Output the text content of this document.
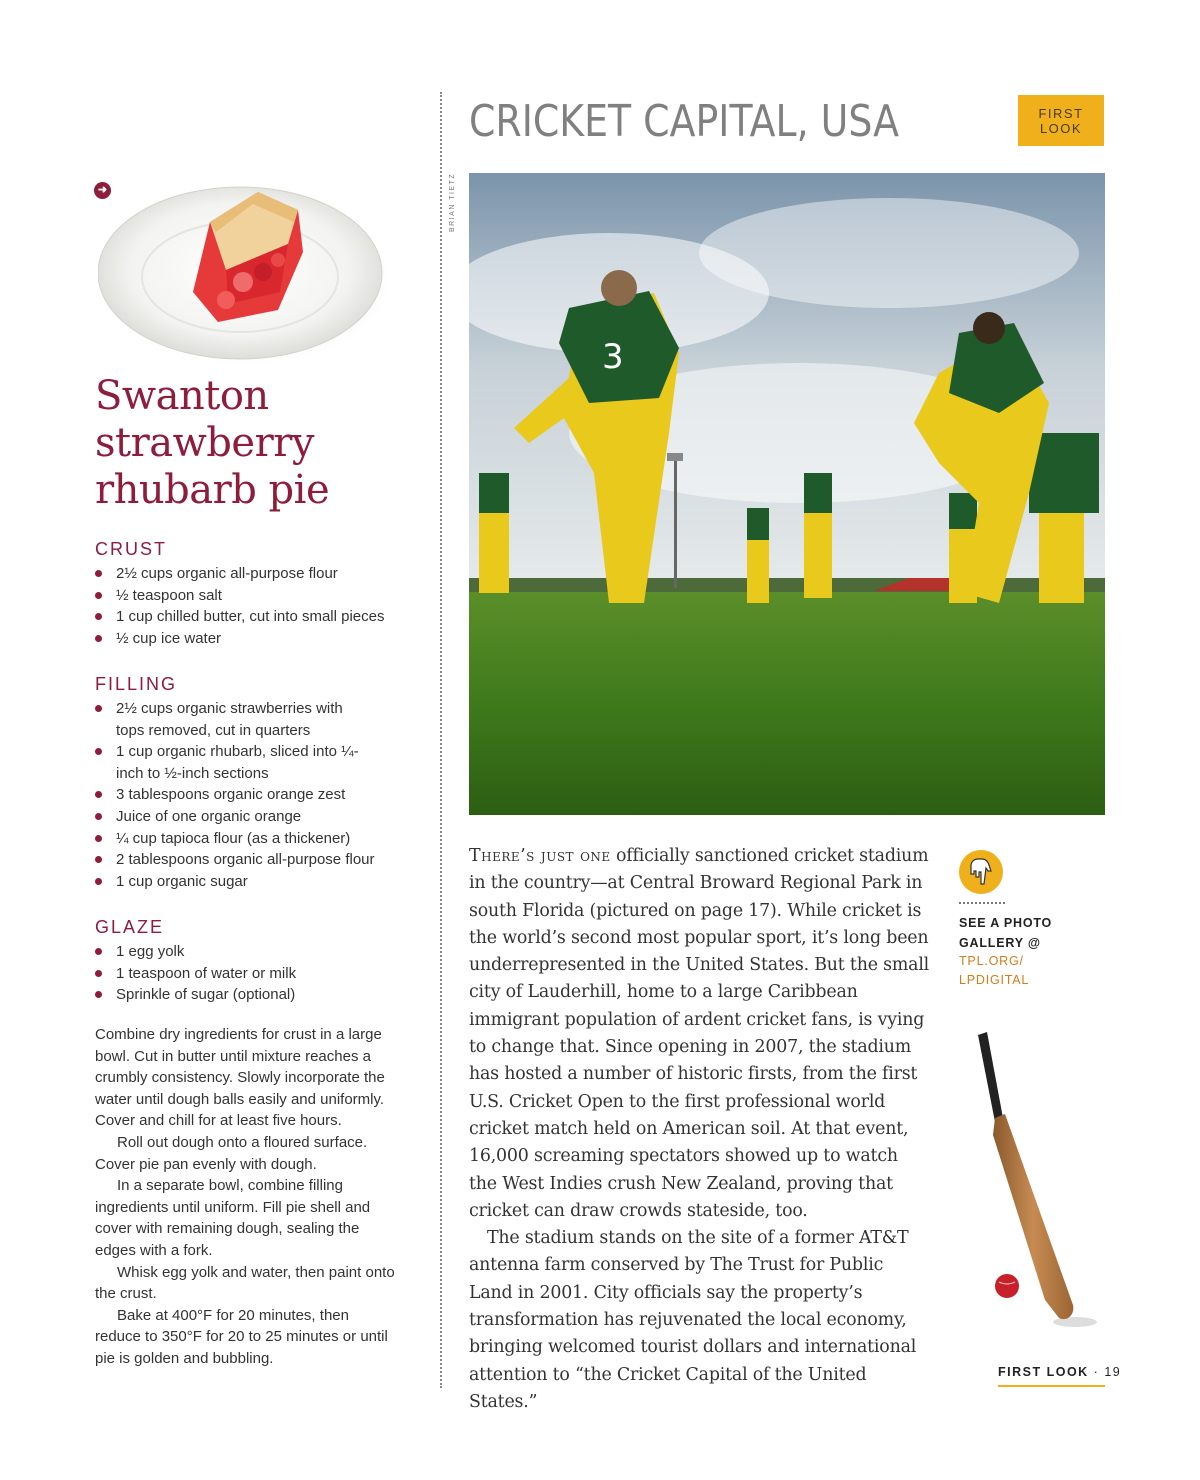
➜
Swanton
strawberry
rhubarb pie
CRUST
2½ cups organic all-purpose flour
½ teaspoon salt
1 cup chilled butter, cut into small pieces
½ cup ice water
FILLING
2½ cups organic strawberries with tops removed, cut in quarters
1 cup organic rhubarb, sliced into ¼-inch to ½-inch sections
3 tablespoons organic orange zest
Juice of one organic orange
¼ cup tapioca flour (as a thickener)
2 tablespoons organic all-purpose flour
1 cup organic sugar
GLAZE
1 egg yolk
1 teaspoon of water or milk
Sprinkle of sugar (optional)

Combine dry ingredients for crust in a large bowl. Cut in butter until mixture reaches a crumbly consistency. Slowly incorporate the water until dough balls easily and uniformly. Cover and chill for at least five hours.

Roll out dough onto a floured surface. Cover pie pan evenly with dough.

In a separate bowl, combine filling ingredients until uniform. Fill pie shell and cover with remaining dough, sealing the edges with a fork.

Whisk egg yolk and water, then paint onto the crust.

Bake at 400°F for 20 minutes, then reduce to 350°F for 20 to 25 minutes or until pie is golden and bubbling.

CRICKET CAPITAL, USA	FIRST
LOOK
BRIAN TIETZ
3

There’s just one officially sanctioned cricket stadium in the country—at Central Broward Regional Park in south Florida (pictured on page 17). While cricket is the world’s second most popular sport, it’s long been underrepresented in the United States. But the small city of Lauderhill, home to a large Caribbean immigrant population of ardent cricket fans, is vying to change that. Since opening in 2007, the stadium has hosted a number of historic firsts, from the first U.S. Cricket Open to the first professional world cricket match held on American soil. At that event, 16,000 screaming spectators showed up to watch the West Indies crush New Zealand, proving that cricket can draw crowds stateside, too.

The stadium stands on the site of a former AT&T antenna farm conserved by The Trust for Public Land in 2001. City officials say the property’s transformation has rejuvenated the local economy, bringing welcomed tourist dollars and international attention to “the Cricket Capital of the United States.”

SEE A PHOTO
GALLERY @
TPL.ORG/
LPDIGITAL
FIRST LOOK · 19
